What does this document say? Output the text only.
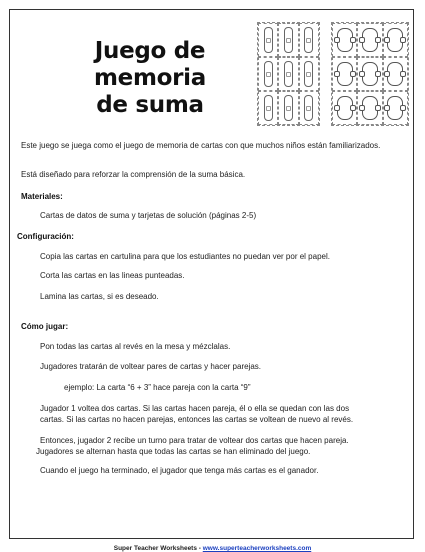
Juego de memoria
de suma
Este juego se juega como el juego de memoria de cartas con que muchos niños están familiarizados.
Está diseñado para reforzar la comprensión de la suma básica.
Materiales:
Cartas de datos de suma y tarjetas de solución (páginas 2-5)
Configuración:
Copia las cartas en cartulina para que los estudiantes no puedan ver por el papel.
Corta las cartas en las lineas punteadas.
Lamina las cartas, si es deseado.
Cómo jugar:
Pon todas las cartas al revés en la mesa y mézclalas.
Jugadores tratarán de voltear pares de cartas y hacer parejas.
ejemplo: La carta “6 + 3” hace pareja con la carta “9”
Jugador 1 voltea dos cartas. Si las cartas hacen pareja, él o ella se quedan con las dos
cartas. Si las cartas no hacen parejas, entonces las cartas se voltean de nuevo al revés.
Entonces, jugador 2 recibe un turno para tratar de voltear dos cartas que hacen pareja.
Jugadores se alternan hasta que todas las cartas se han eliminado del juego.
Cuando el juego ha terminado, el jugador que tenga más cartas es el ganador.
Super Teacher Worksheets - www.superteacherworksheets.com
